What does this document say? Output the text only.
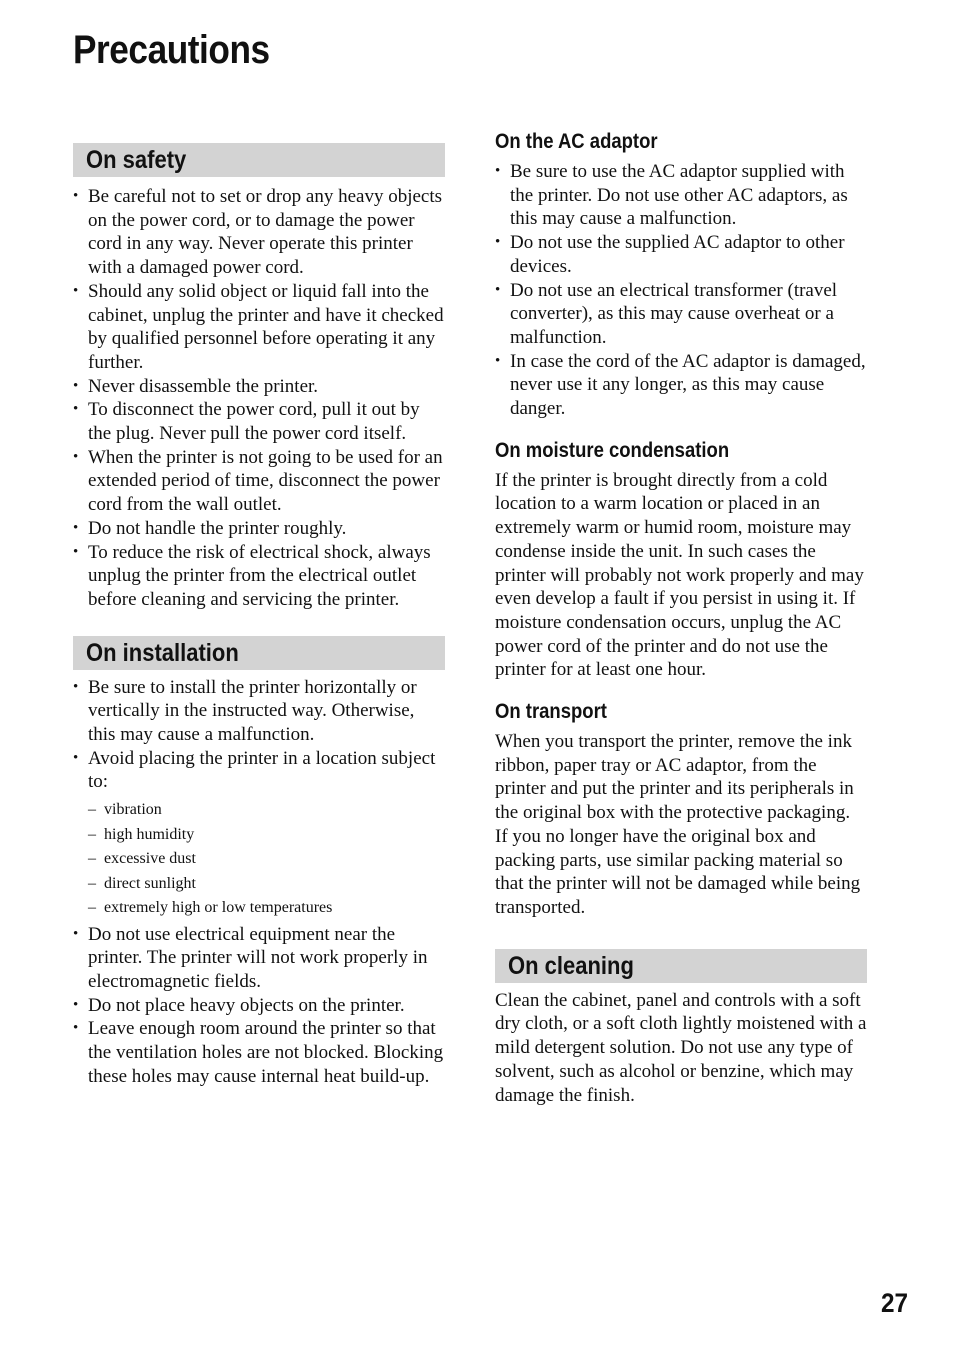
Precautions
On safety
• Be careful not to set or drop any heavy objects on the power cord, or to damage the power cord in any way. Never operate this printer with a damaged power cord.
• Should any solid object or liquid fall into the cabinet, unplug the printer and have it checked by qualified personnel before operating it any further.
• Never disassemble the printer.
• To disconnect the power cord, pull it out by the plug. Never pull the power cord itself.
• When the printer is not going to be used for an extended period of time, disconnect the power cord from the wall outlet.
• Do not handle the printer roughly.
• To reduce the risk of electrical shock, always unplug the printer from the electrical outlet before cleaning and servicing the printer.
On installation
• Be sure to install the printer horizontally or vertically in the instructed way. Otherwise, this may cause a malfunction.
• Avoid placing the printer in a location subject to:
– vibration
– high humidity
– excessive dust
– direct sunlight
– extremely high or low temperatures
• Do not use electrical equipment near the printer. The printer will not work properly in electromagnetic fields.
• Do not place heavy objects on the printer.
• Leave enough room around the printer so that the ventilation holes are not blocked. Blocking these holes may cause internal heat build-up.
On the AC adaptor
• Be sure to use the AC adaptor supplied with the printer. Do not use other AC adaptors, as this may cause a malfunction.
• Do not use the supplied AC adaptor to other devices.
• Do not use an electrical transformer (travel converter), as this may cause overheat or a malfunction.
• In case the cord of the AC adaptor is damaged, never use it any longer, as this may cause danger.
On moisture condensation

If the printer is brought directly from a cold location to a warm location or placed in an extremely warm or humid room, moisture may condense inside the unit. In such cases the printer will probably not work properly and may even develop a fault if you persist in using it. If moisture condensation occurs, unplug the AC power cord of the printer and do not use the printer for at least one hour.

On transport

When you transport the printer, remove the ink ribbon, paper tray or AC adaptor, from the printer and put the printer and its peripherals in the original box with the protective packaging.

If you no longer have the original box and packing parts, use similar packing material so that the printer will not be damaged while being transported.

On cleaning

Clean the cabinet, panel and controls with a soft dry cloth, or a soft cloth lightly moistened with a mild detergent solution. Do not use any type of solvent, such as alcohol or benzine, which may damage the finish.

27
